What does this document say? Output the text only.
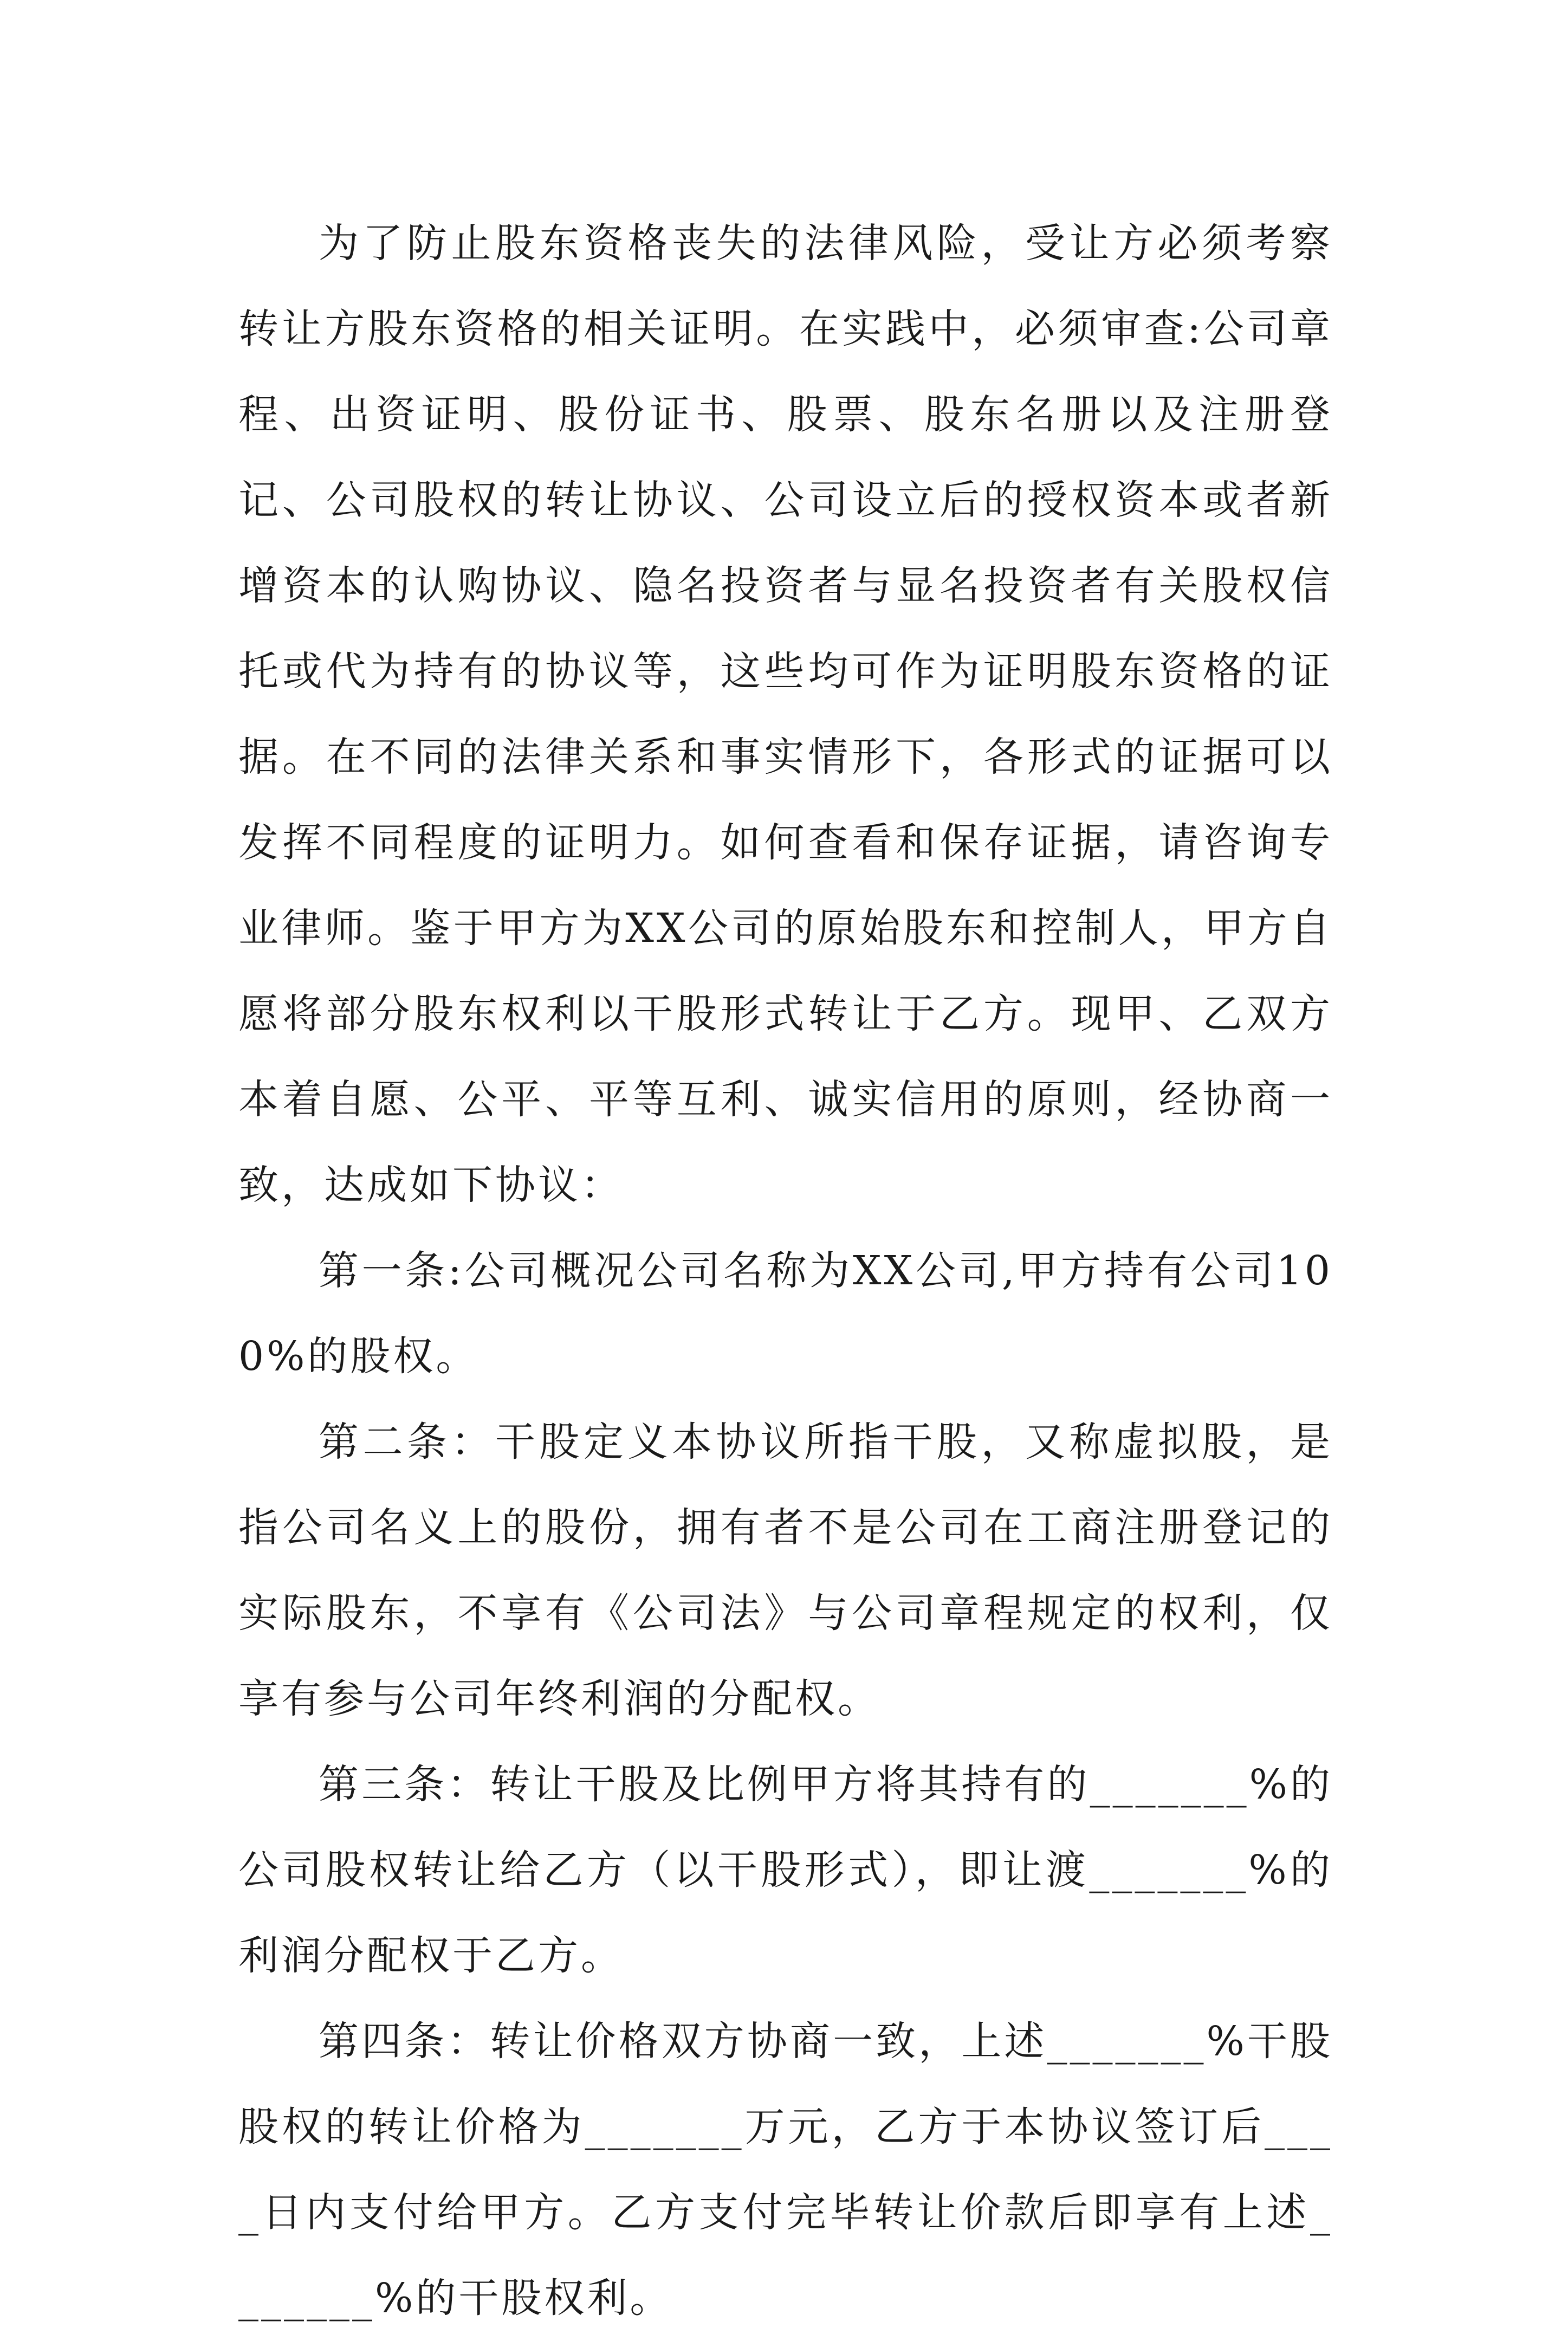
为了防止股东资格丧失的法律风险，受让方必须考察转让方股东资格的相关证明。在实践中，必须审查:公司章程、出资证明、股份证书、股票、股东名册以及注册登记、公司股权的转让协议、公司设立后的授权资本或者新增资本的认购协议、隐名投资者与显名投资者有关股权信托或代为持有的协议等，这些均可作为证明股东资格的证据。在不同的法律关系和事实情形下，各形式的证据可以发挥不同程度的证明力。如何查看和保存证据，请咨询专业律师。鉴于甲方为XX公司的原始股东和控制人，甲方自愿将部分股东权利以干股形式转让于乙方。现甲、乙双方本着自愿、公平、平等互利、诚实信用的原则，经协商一致，达成如下协议：

第一条:公司概况公司名称为XX公司,甲方持有公司100%的股权。

第二条：干股定义本协议所指干股，又称虚拟股，是指公司名义上的股份，拥有者不是公司在工商注册登记的实际股东，不享有《公司法》与公司章程规定的权利，仅享有参与公司年终利润的分配权。

第三条：转让干股及比例甲方将其持有的_______%的公司股权转让给乙方（以干股形式），即让渡_______%的利润分配权于乙方。

第四条：转让价格双方协商一致，上述_______%干股股权的转让价格为_______万元，乙方于本协议签订后____日内支付给甲方。乙方支付完毕转让价款后即享有上述_______%的干股权利。
